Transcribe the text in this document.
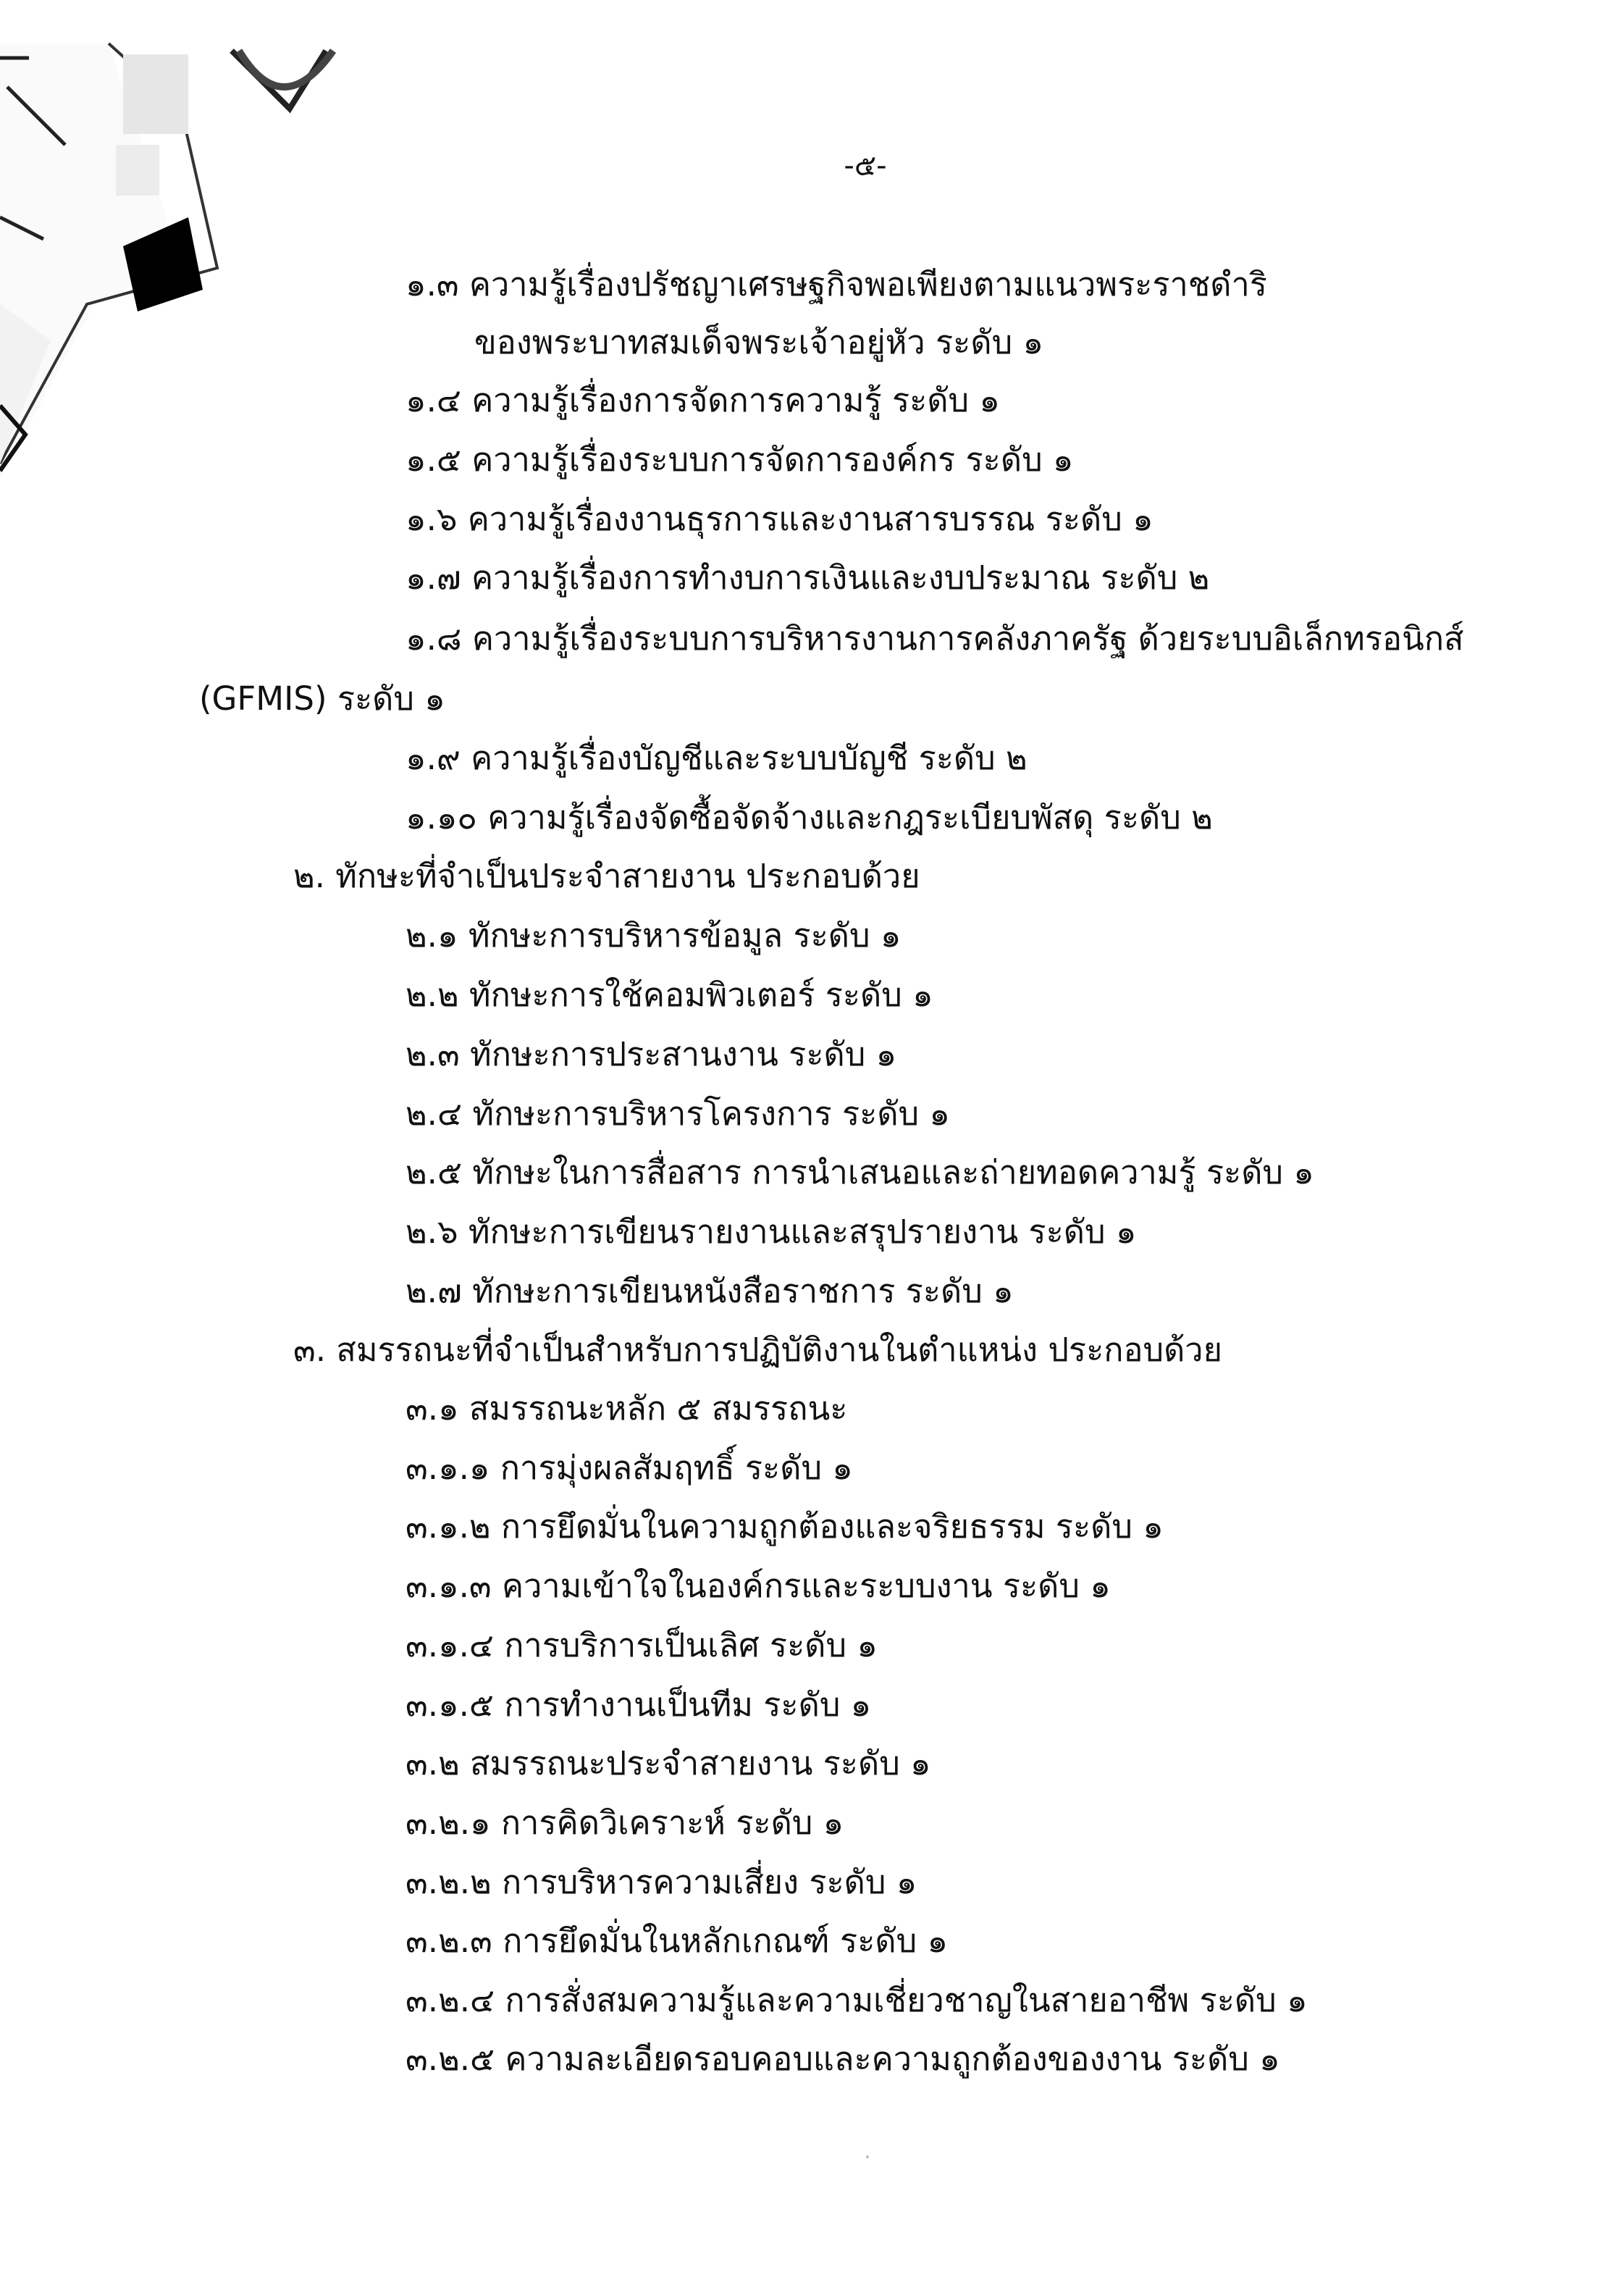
-๕-
๑.๓ ความรู้เรื่องปรัชญาเศรษฐกิจพอเพียงตามแนวพระราชดำริ
ของพระบาทสมเด็จพระเจ้าอยู่หัว ระดับ ๑
๑.๔ ความรู้เรื่องการจัดการความรู้ ระดับ ๑
๑.๕ ความรู้เรื่องระบบการจัดการองค์กร ระดับ ๑
๑.๖ ความรู้เรื่องงานธุรการและงานสารบรรณ ระดับ ๑
๑.๗ ความรู้เรื่องการทำงบการเงินและงบประมาณ ระดับ ๒
๑.๘ ความรู้เรื่องระบบการบริหารงานการคลังภาครัฐ ด้วยระบบอิเล็กทรอนิกส์
(GFMIS) ระดับ ๑
๑.๙ ความรู้เรื่องบัญชีและระบบบัญชี ระดับ ๒
๑.๑๐ ความรู้เรื่องจัดซื้อจัดจ้างและกฎระเบียบพัสดุ ระดับ ๒
๒. ทักษะที่จำเป็นประจำสายงาน ประกอบด้วย
๒.๑ ทักษะการบริหารข้อมูล ระดับ ๑
๒.๒ ทักษะการใช้คอมพิวเตอร์ ระดับ ๑
๒.๓ ทักษะการประสานงาน ระดับ ๑
๒.๔ ทักษะการบริหารโครงการ ระดับ ๑
๒.๕ ทักษะในการสื่อสาร การนำเสนอและถ่ายทอดความรู้ ระดับ ๑
๒.๖ ทักษะการเขียนรายงานและสรุปรายงาน ระดับ ๑
๒.๗ ทักษะการเขียนหนังสือราชการ ระดับ ๑
๓. สมรรถนะที่จำเป็นสำหรับการปฏิบัติงานในตำแหน่ง ประกอบด้วย
๓.๑ สมรรถนะหลัก ๕ สมรรถนะ
๓.๑.๑ การมุ่งผลสัมฤทธิ์ ระดับ ๑
๓.๑.๒ การยึดมั่นในความถูกต้องและจริยธรรม ระดับ ๑
๓.๑.๓ ความเข้าใจในองค์กรและระบบงาน ระดับ ๑
๓.๑.๔ การบริการเป็นเลิศ ระดับ ๑
๓.๑.๕ การทำงานเป็นทีม ระดับ ๑
๓.๒ สมรรถนะประจำสายงาน ระดับ ๑
๓.๒.๑ การคิดวิเคราะห์ ระดับ ๑
๓.๒.๒ การบริหารความเสี่ยง ระดับ ๑
๓.๒.๓ การยึดมั่นในหลักเกณฑ์ ระดับ ๑
๓.๒.๔ การสั่งสมความรู้และความเชี่ยวชาญในสายอาชีพ ระดับ ๑
๓.๒.๕ ความละเอียดรอบคอบและความถูกต้องของงาน ระดับ ๑
